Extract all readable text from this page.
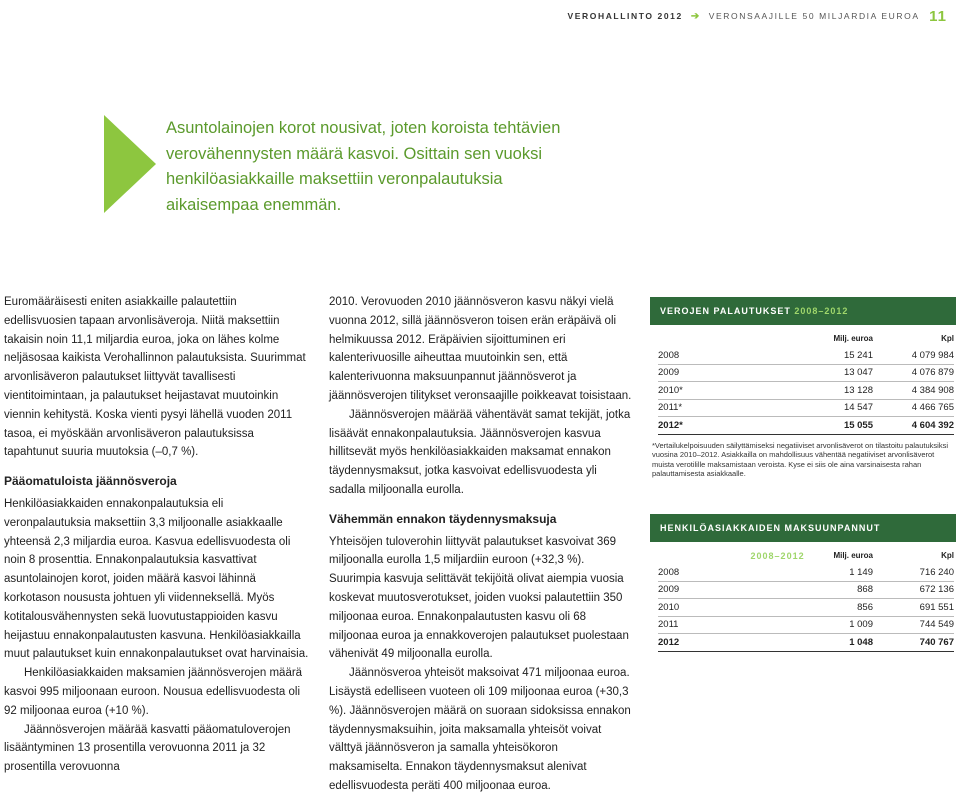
VEROHALLINTO 2012 ➔ VERONSAAJILLE 50 MILJARDIA EUROA 11

Asuntolainojen korot nousivat, joten koroista tehtävien

verovähennysten määrä kasvoi. Osittain sen vuoksi

henkilöasiakkaille maksettiin veronpalautuksia

aikaisempaa enemmän.

Euromääräisesti eniten asiakkaille palautettiin edellisvuosien tapaan arvonlisäveroja. Niitä maksettiin takaisin noin 11,1 miljardia euroa, joka on lähes kolme neljäsosaa kaikista Verohallinnon palautuksista. Suurimmat arvonlisäveron palautukset liittyvät tavallisesti vientitoimintaan, ja palautukset heijastavat muutoinkin viennin kehitystä. Koska vienti pysyi lähellä vuoden 2011 tasoa, ei myöskään arvonlisäveron palautuksissa tapahtunut suuria muutoksia (–0,7 %).

Pääomatuloista jäännösveroja

Henkilöasiakkaiden ennakonpalautuksia eli veronpalautuksia maksettiin 3,3 miljoonalle asiakkaalle yhteensä 2,3 miljardia euroa. Kasvua edellisvuodesta oli noin 8 prosenttia. Ennakonpalautuksia kasvattivat asuntolainojen korot, joiden määrä kasvoi lähinnä korkotason noususta johtuen yli viidenneksellä. Myös kotitalousvähennysten sekä luovutustappioiden kasvu heijastuu ennakonpalautusten kasvuna. Henkilöasiakkailla muut palautukset kuin ennakonpalautukset ovat harvinaisia.

Henkilöasiakkaiden maksamien jäännösverojen määrä kasvoi 995 miljoonaan euroon. Nousua edellisvuodesta oli 92 miljoonaa euroa (+10 %).

Jäännösverojen määrää kasvatti pääomatuloverojen lisääntyminen 13 prosentilla verovuonna 2011 ja 32 prosentilla verovuonna

2010. Verovuoden 2010 jäännösveron kasvu näkyi vielä vuonna 2012, sillä jäännösveron toisen erän eräpäivä oli helmikuussa 2012. Eräpäivien sijoittuminen eri kalenterivuosille aiheuttaa muutoinkin sen, että kalenterivuonna maksuunpannut jäännösverot ja jäännösverojen tilitykset veronsaajille poikkeavat toisistaan.

Jäännösverojen määrää vähentävät samat tekijät, jotka lisäävät ennakonpalautuksia. Jäännösverojen kasvua hillitsevät myös henkilöasiakkaiden maksamat ennakon täydennysmaksut, jotka kasvoivat edellisvuodesta yli sadalla miljoonalla eurolla.

Vähemmän ennakon täydennysmaksuja

Yhteisöjen tuloverohin liittyvät palautukset kasvoivat 369 miljoonalla eurolla 1,5 miljardiin euroon (+32,3 %). Suurimpia kasvuja selittävät tekijöitä olivat aiempia vuosia koskevat muutosverotukset, joiden vuoksi palautettiin 350 miljoonaa euroa. Ennakonpalautusten kasvu oli 68 miljoonaa euroa ja ennakkoverojen palautukset puolestaan vähenivät 49 miljoonalla eurolla.

Jäännösveroa yhteisöt maksoivat 471 miljoonaa euroa. Lisäystä edelliseen vuoteen oli 109 miljoonaa euroa (+30,3 %). Jäännösverojen määrä on suoraan sidoksissa ennakon täydennysmaksuihin, joita maksamalla yhteisöt voivat välttyä jäännösveron ja samalla yhteisökoron maksamiselta. Ennakon täydennysmaksut alenivat edellisvuodesta peräti 400 miljoonaa euroa.

VEROJEN PALAUTUKSET 2008–2012
	Milj. euroa	Kpl
2008	15 241	4 079 984
2009	13 047	4 076 879
2010*	13 128	4 384 908
2011*	14 547	4 466 765
2012*	15 055	4 604 392
*Vertailukelpoisuuden säilyttämiseksi negatiiviset arvonlisäverot on tilastoitu palautuksiksi vuosina 2010–2012. Asiakkailla on mahdollisuus vähentää negatiiviset arvonlisäverot muista verotilille maksamistaan veroista. Kyse ei siis ole aina varsinaisesta rahan palauttamisesta asiakkaalle.
HENKILÖASIAKKAIDEN MAKSUUNPANNUT JÄÄNNÖSVEROT 2008–2012
		Milj. euroa	Kpl
2008	1 149	716 240
2009	868	672 136
2010	856	691 551
2011	1 009	744 549
2012	1 048	740 767
